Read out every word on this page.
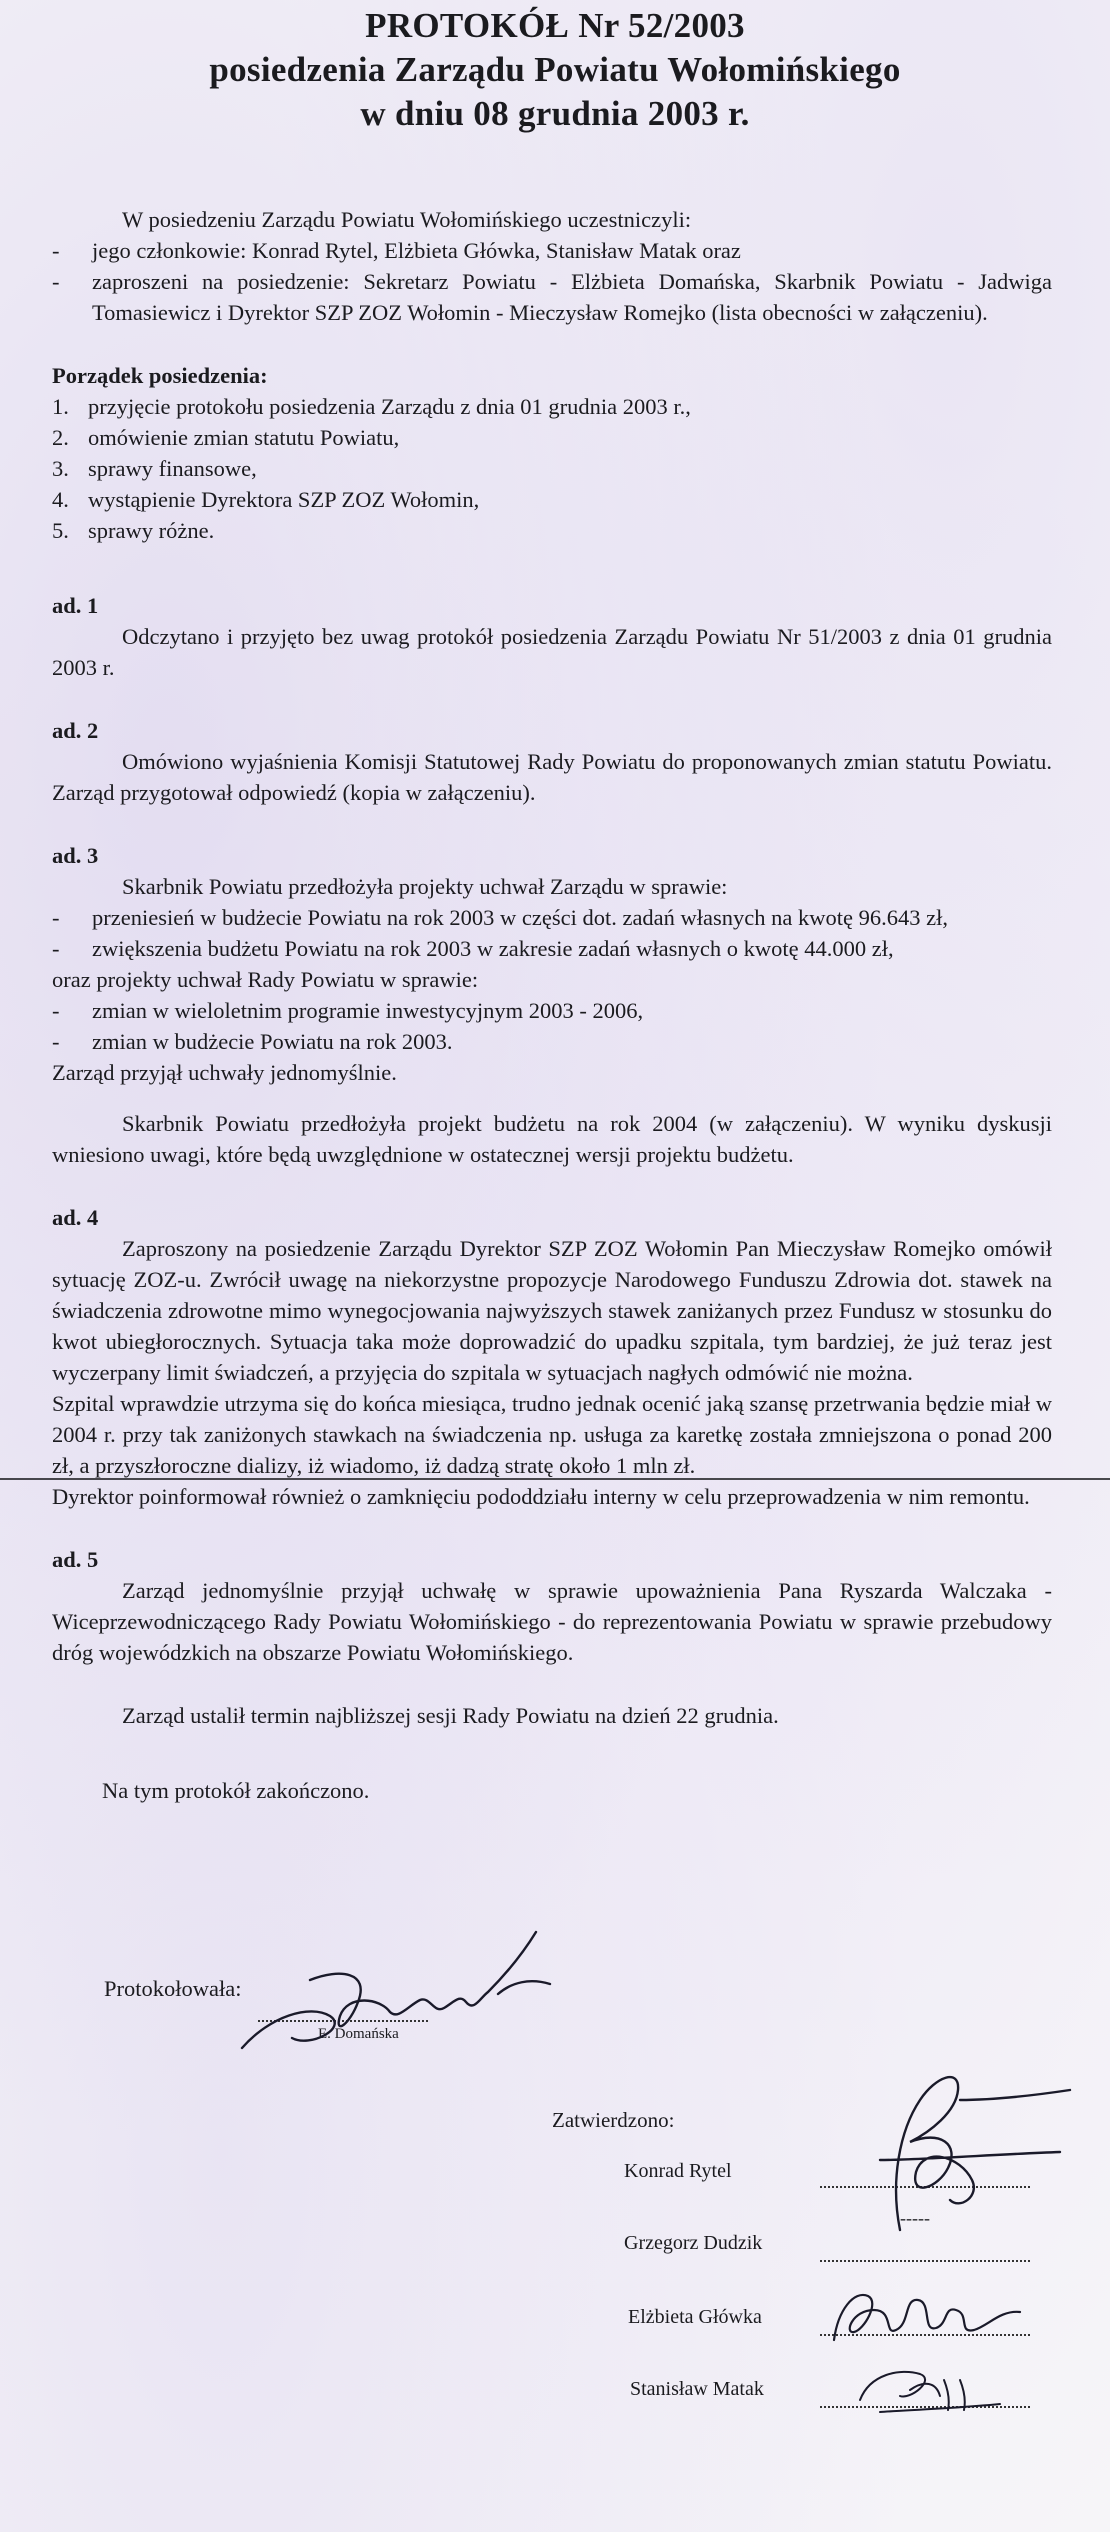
PROTOKÓŁ Nr 52/2003
posiedzenia Zarządu Powiatu Wołomińskiego
w dniu 08 grudnia 2003 r.

W posiedzeniu Zarządu Powiatu Wołomińskiego uczestniczyli:

- jego członkowie: Konrad Rytel, Elżbieta Główka, Stanisław Matak oraz
- zaproszeni na posiedzenie: Sekretarz Powiatu - Elżbieta Domańska, Skarbnik Powiatu - Jadwiga Tomasiewicz i Dyrektor SZP ZOZ Wołomin - Mieczysław Romejko (lista obecności w załączeniu).

Porządek posiedzenia:

1. przyjęcie protokołu posiedzenia Zarządu z dnia 01 grudnia 2003 r.,
2. omówienie zmian statutu Powiatu,
3. sprawy finansowe,
4. wystąpienie Dyrektora SZP ZOZ Wołomin,
5. sprawy różne.

ad. 1

Odczytano i przyjęto bez uwag protokół posiedzenia Zarządu Powiatu Nr 51/2003 z dnia 01 grudnia 2003 r.

ad. 2

Omówiono wyjaśnienia Komisji Statutowej Rady Powiatu do proponowanych zmian statutu Powiatu. Zarząd przygotował odpowiedź (kopia w załączeniu).

ad. 3

Skarbnik Powiatu przedłożyła projekty uchwał Zarządu w sprawie:

- przeniesień w budżecie Powiatu na rok 2003 w części dot. zadań własnych na kwotę 96.643 zł,
- zwiększenia budżetu Powiatu na rok 2003 w zakresie zadań własnych o kwotę 44.000 zł,

oraz projekty uchwał Rady Powiatu w sprawie:

- zmian w wieloletnim programie inwestycyjnym 2003 - 2006,
- zmian w budżecie Powiatu na rok 2003.

Zarząd przyjął uchwały jednomyślnie.

Skarbnik Powiatu przedłożyła projekt budżetu na rok 2004 (w załączeniu). W wyniku dyskusji wniesiono uwagi, które będą uwzględnione w ostatecznej wersji projektu budżetu.

ad. 4

Zaproszony na posiedzenie Zarządu Dyrektor SZP ZOZ Wołomin Pan Mieczysław Romejko omówił sytuację ZOZ-u. Zwrócił uwagę na niekorzystne propozycje Narodowego Funduszu Zdrowia dot. stawek na świadczenia zdrowotne mimo wynegocjowania najwyższych stawek zaniżanych przez Fundusz w stosunku do kwot ubiegłorocznych. Sytuacja taka może doprowadzić do upadku szpitala, tym bardziej, że już teraz jest wyczerpany limit świadczeń, a przyjęcia do szpitala w sytuacjach nagłych odmówić nie można.

Szpital wprawdzie utrzyma się do końca miesiąca, trudno jednak ocenić jaką szansę przetrwania będzie miał w 2004 r. przy tak zaniżonych stawkach na świadczenia np. usługa za karetkę została zmniejszona o ponad 200 zł, a przyszłoroczne dializy, iż wiadomo, iż dadzą stratę około 1 mln zł.

Dyrektor poinformował również o zamknięciu pododdziału interny w celu przeprowadzenia w nim remontu.

ad. 5

Zarząd jednomyślnie przyjął uchwałę w sprawie upoważnienia Pana Ryszarda Walczaka - Wiceprzewodniczącego Rady Powiatu Wołomińskiego - do reprezentowania Powiatu w sprawie przebudowy dróg wojewódzkich na obszarze Powiatu Wołomińskiego.

Zarząd ustalił termin najbliższej sesji Rady Powiatu na dzień 22 grudnia.

Na tym protokół zakończono.

Protokołowała:
E. Domańska
Zatwierdzono:
Konrad Rytel
Grzegorz Dudzik
-----
Elżbieta Główka
Stanisław Matak
